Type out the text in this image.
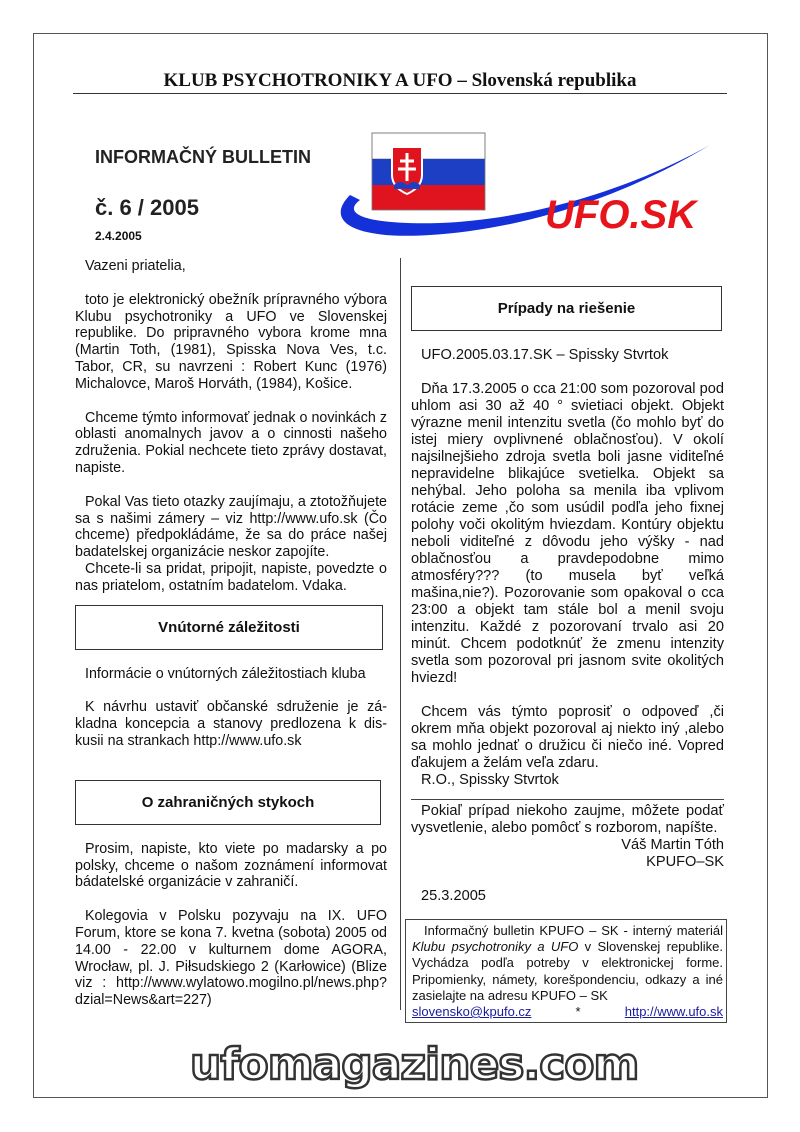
KLUB PSYCHOTRONIKY A UFO – Slovenská republika
INFORMAČNÝ BULLETIN
č. 6 / 2005
2.4.2005	UFO.SK

Vazeni priatelia,

toto je elektronický obežník prípravného výbora Klubu psychotroniky a UFO ve Slovenskej republike. Do pripravného vybora krome mna (Martin Toth, (1981), Spisska Nova Ves, t.c. Tabor, CR, su navrzeni : Robert Kunc (1976) Michalovce, Maroš Horváth, (1984), Košice.

Chceme týmto informovať jednak o novinkách z oblasti anomalnych javov a o cinnosti našeho združenia. Pokial nechcete tieto zprávy dostavat, napiste.

Pokal Vas tieto otazky zaujímaju, a ztotožňujete sa s našimi zámery – viz http://www.ufo.sk (Čo chceme) předpokládáme, že sa do práce našej badatelskej organizácie neskor zapojíte.

Chcete-li sa pridat, pripojit, napiste, povedzte o nas priatelom, ostatním badatelom. Vdaka.

Vnútorné záležitosti

Informácie o vnútorných záležitostiach kluba

K návrhu ustaviť občanské sdruženie je zá-kladna koncepcia a stanovy predlozena k dis-kusii na strankach http://www.ufo.sk

O zahraničných stykoch

Prosim, napiste, kto viete po madarsky a po polsky, chceme o našom zoznámení informovat bádatelské organizácie v zahraničí.

Kolegovia v Polsku pozyvaju na IX. UFO Forum, ktore se kona 7. kvetna (sobota) 2005 od 14.00 - 22.00 v kulturnem dome AGORA, Wrocław, pl. J. Piłsudskiego 2 (Karłowice) (Blize viz : http://www.wylatowo.mogilno.pl/news.php?dzial=News&art=227)

Prípady na riešenie

UFO.2005.03.17.SK – Spissky Stvrtok

Dňa 17.3.2005 o cca 21:00 som pozoroval pod uhlom asi 30 až 40 ° svietiaci objekt. Objekt výrazne menil intenzitu svetla (čo mohlo byť do istej miery ovplivnené oblačnosťou). V okolí najsilnejšieho zdroja svetla boli jasne viditeľné nepravidelne blikajúce svetielka. Objekt sa nehýbal. Jeho poloha sa menila iba vplivom rotácie zeme ,čo som usúdil podľa jeho fixnej polohy voči okolitým hviezdam. Kontúry objektu neboli viditeľné z dôvodu jeho výšky - nad oblačnosťou a pravdepodobne mimo atmosféry??? (to musela byť veľká mašina,nie?). Pozorovanie som opakoval o cca 23:00 a objekt tam stále bol a menil svoju intenzitu. Každé z pozorovaní trvalo asi 20 minút. Chcem podotknúť že zmenu intenzity svetla som pozoroval pri jasnom svite okolitých hviezd!

Chcem vás týmto poprosiť o odpoveď ,či okrem mňa objekt pozoroval aj niekto iný ,alebo sa mohlo jednať o družicu či niečo iné. Vopred ďakujem a želám veľa zdaru.

R.O., Spissky Stvrtok

Pokiaľ prípad niekoho zaujme, môžete podať vysvetlenie, alebo pomôcť s rozborom, napíšte.

Váš Martin Tóth
KPUFO–SK

25.3.2005

Informačný bulletin KPUFO – SK - interný materiál Klubu psychotroniky a UFO v Slovenskej republike. Vychádza podľa potreby v elektronickej forme. Pripomienky, námety, korešpondenciu, odkazy a iné zasielajte na adresu KPUFO – SK

slovensko@kpufo.cz	*	http://www.ufo.sk
ufomagazines.com
